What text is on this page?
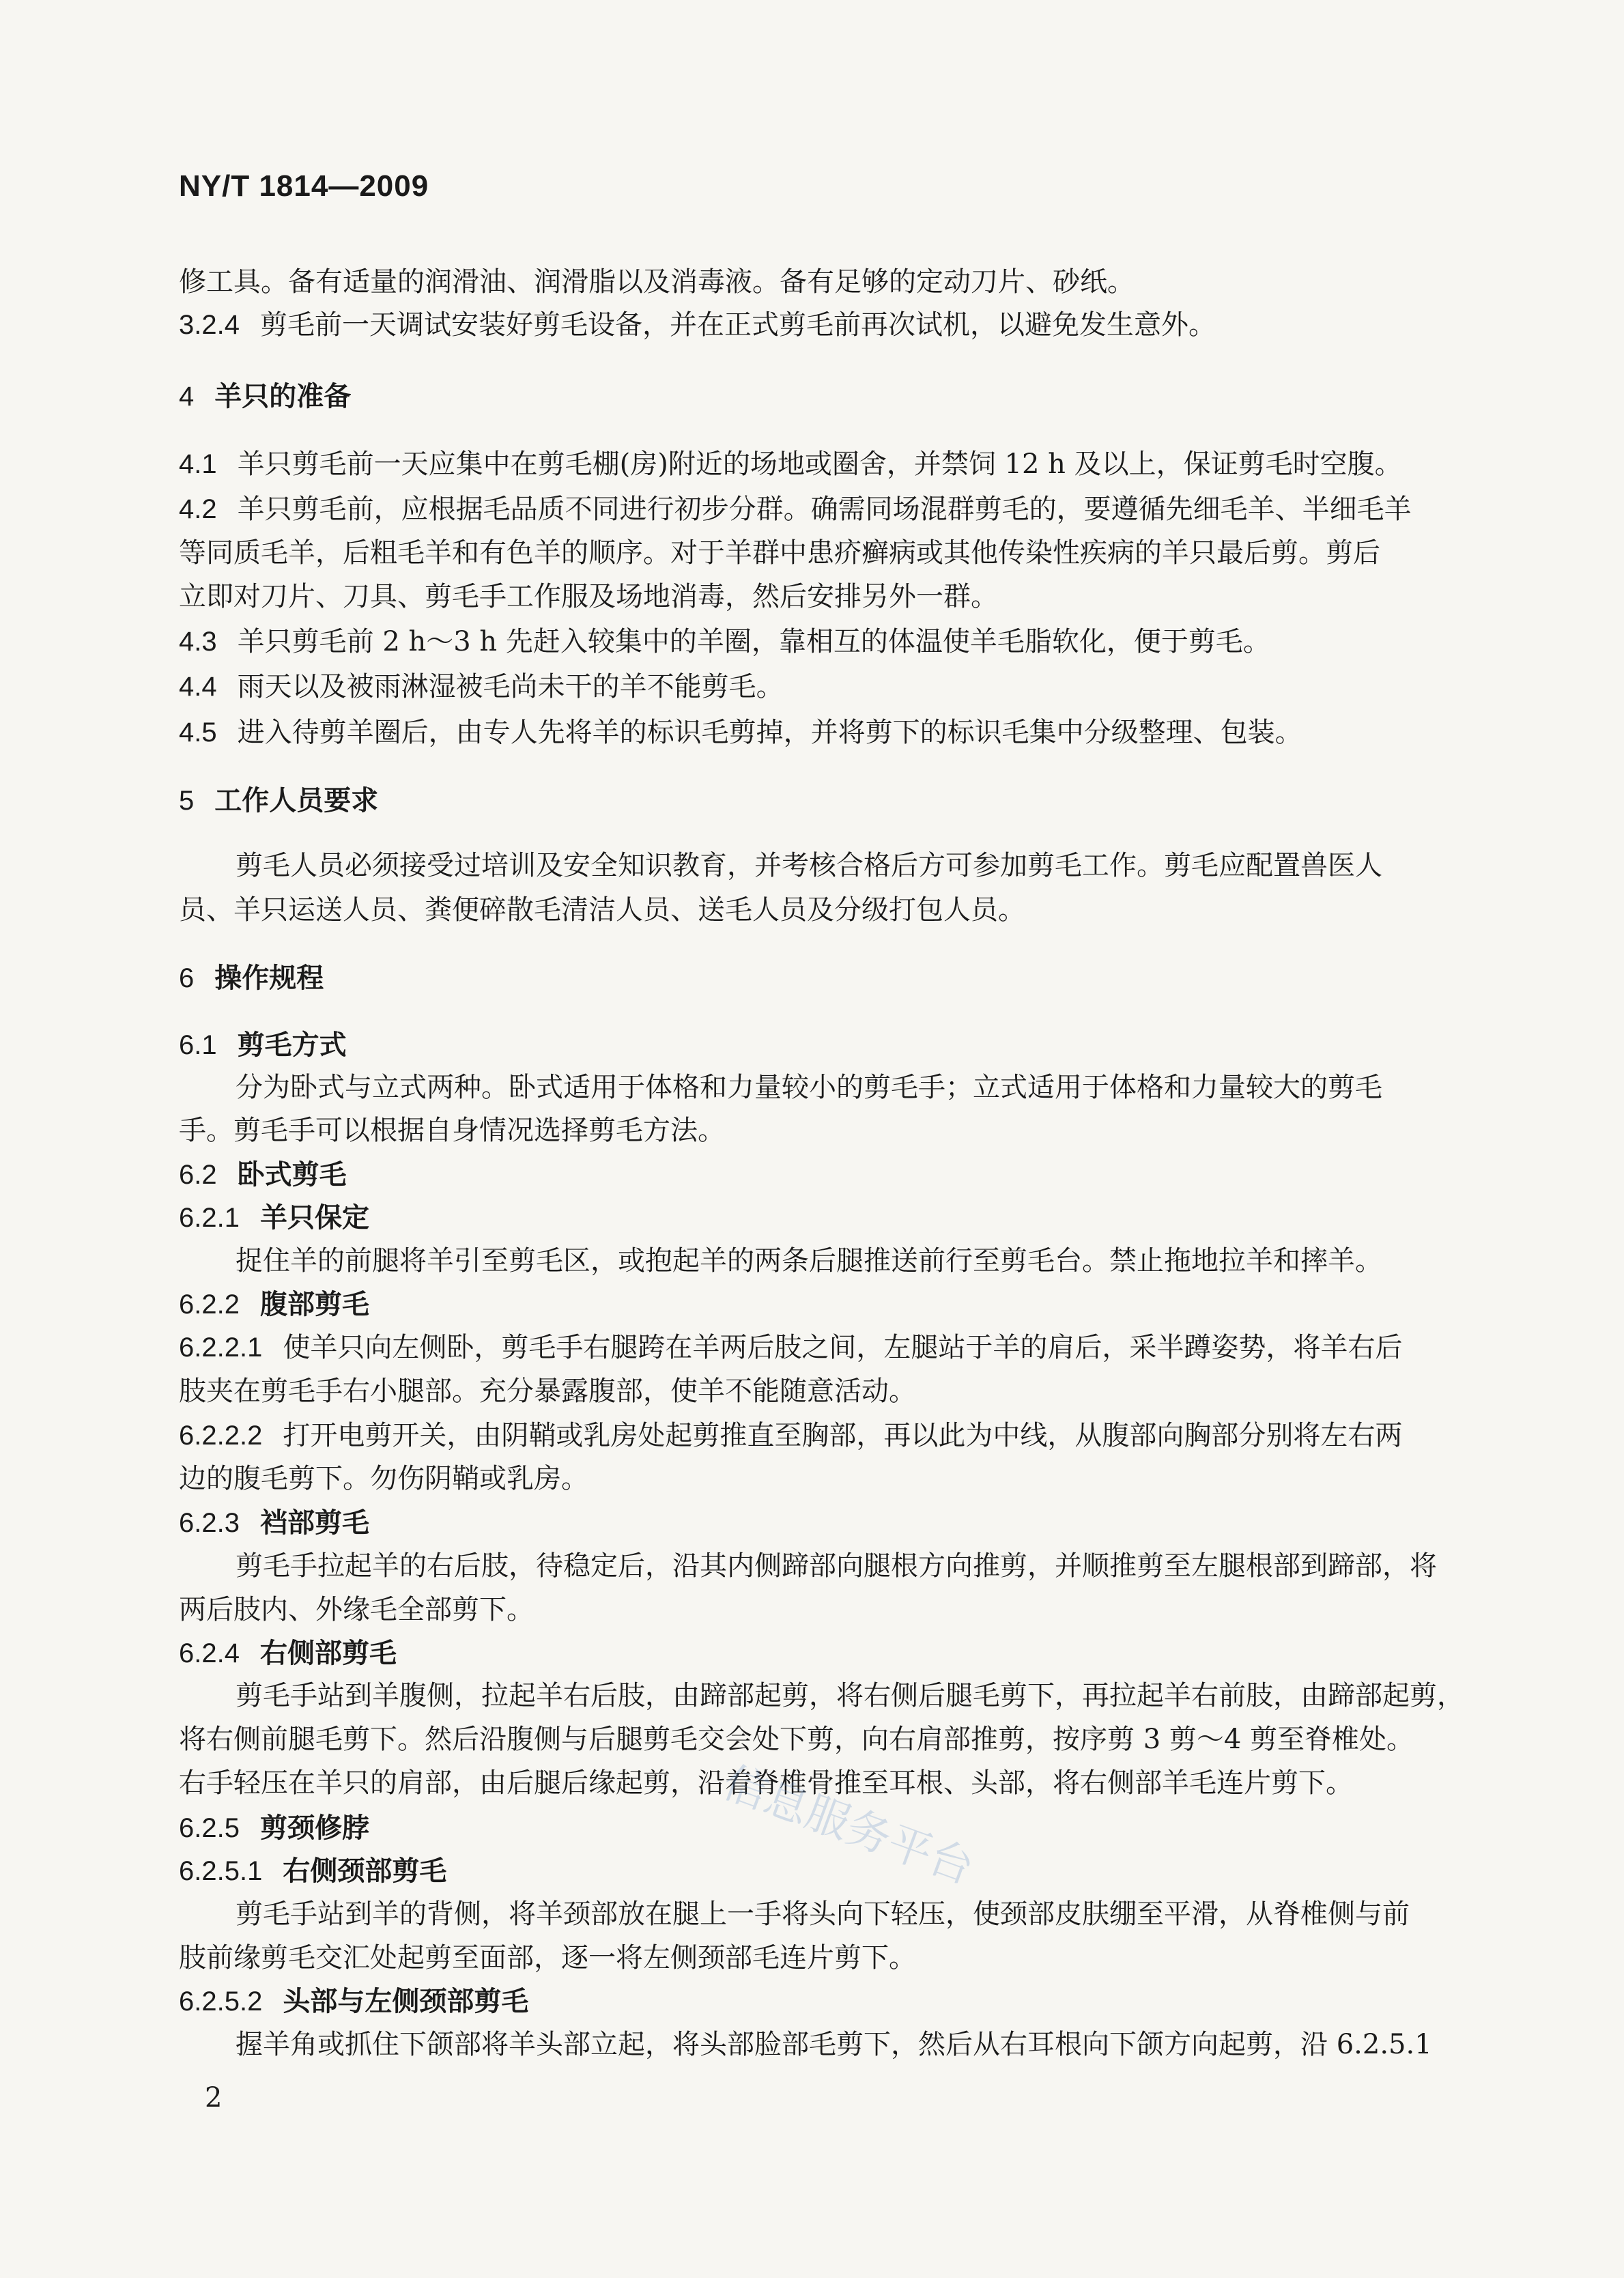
NY/T 1814—2009
修工具。备有适量的润滑油、润滑脂以及消毒液。备有足够的定动刀片、砂纸。
3.2.4 剪毛前一天调试安装好剪毛设备，并在正式剪毛前再次试机，以避免发生意外。
4 羊只的准备
4.1 羊只剪毛前一天应集中在剪毛棚(房)附近的场地或圈舍，并禁饲 12 h 及以上，保证剪毛时空腹。
4.2 羊只剪毛前，应根据毛品质不同进行初步分群。确需同场混群剪毛的，要遵循先细毛羊、半细毛羊
等同质毛羊，后粗毛羊和有色羊的顺序。对于羊群中患疥癣病或其他传染性疾病的羊只最后剪。剪后
立即对刀片、刀具、剪毛手工作服及场地消毒，然后安排另外一群。
4.3 羊只剪毛前 2 h～3 h 先赶入较集中的羊圈，靠相互的体温使羊毛脂软化，便于剪毛。
4.4 雨天以及被雨淋湿被毛尚未干的羊不能剪毛。
4.5 进入待剪羊圈后，由专人先将羊的标识毛剪掉，并将剪下的标识毛集中分级整理、包装。
5 工作人员要求
剪毛人员必须接受过培训及安全知识教育，并考核合格后方可参加剪毛工作。剪毛应配置兽医人
员、羊只运送人员、粪便碎散毛清洁人员、送毛人员及分级打包人员。
6 操作规程
6.1 剪毛方式
分为卧式与立式两种。卧式适用于体格和力量较小的剪毛手；立式适用于体格和力量较大的剪毛
手。剪毛手可以根据自身情况选择剪毛方法。
6.2 卧式剪毛
6.2.1 羊只保定
捉住羊的前腿将羊引至剪毛区，或抱起羊的两条后腿推送前行至剪毛台。禁止拖地拉羊和摔羊。
6.2.2 腹部剪毛
6.2.2.1 使羊只向左侧卧，剪毛手右腿跨在羊两后肢之间，左腿站于羊的肩后，采半蹲姿势，将羊右后
肢夹在剪毛手右小腿部。充分暴露腹部，使羊不能随意活动。
6.2.2.2 打开电剪开关，由阴鞘或乳房处起剪推直至胸部，再以此为中线，从腹部向胸部分别将左右两
边的腹毛剪下。勿伤阴鞘或乳房。
6.2.3 裆部剪毛
剪毛手拉起羊的右后肢，待稳定后，沿其内侧蹄部向腿根方向推剪，并顺推剪至左腿根部到蹄部，将
两后肢内、外缘毛全部剪下。
6.2.4 右侧部剪毛
剪毛手站到羊腹侧，拉起羊右后肢，由蹄部起剪，将右侧后腿毛剪下，再拉起羊右前肢，由蹄部起剪，
将右侧前腿毛剪下。然后沿腹侧与后腿剪毛交会处下剪，向右肩部推剪，按序剪 3 剪～4 剪至脊椎处。
右手轻压在羊只的肩部，由后腿后缘起剪，沿着脊椎骨推至耳根、头部，将右侧部羊毛连片剪下。
6.2.5 剪颈修脖
6.2.5.1 右侧颈部剪毛
剪毛手站到羊的背侧，将羊颈部放在腿上一手将头向下轻压，使颈部皮肤绷至平滑，从脊椎侧与前
肢前缘剪毛交汇处起剪至面部，逐一将左侧颈部毛连片剪下。
6.2.5.2 头部与左侧颈部剪毛
握羊角或抓住下颌部将羊头部立起，将头部脸部毛剪下，然后从右耳根向下颌方向起剪，沿 6.2.5.1
信息服务平台
2
